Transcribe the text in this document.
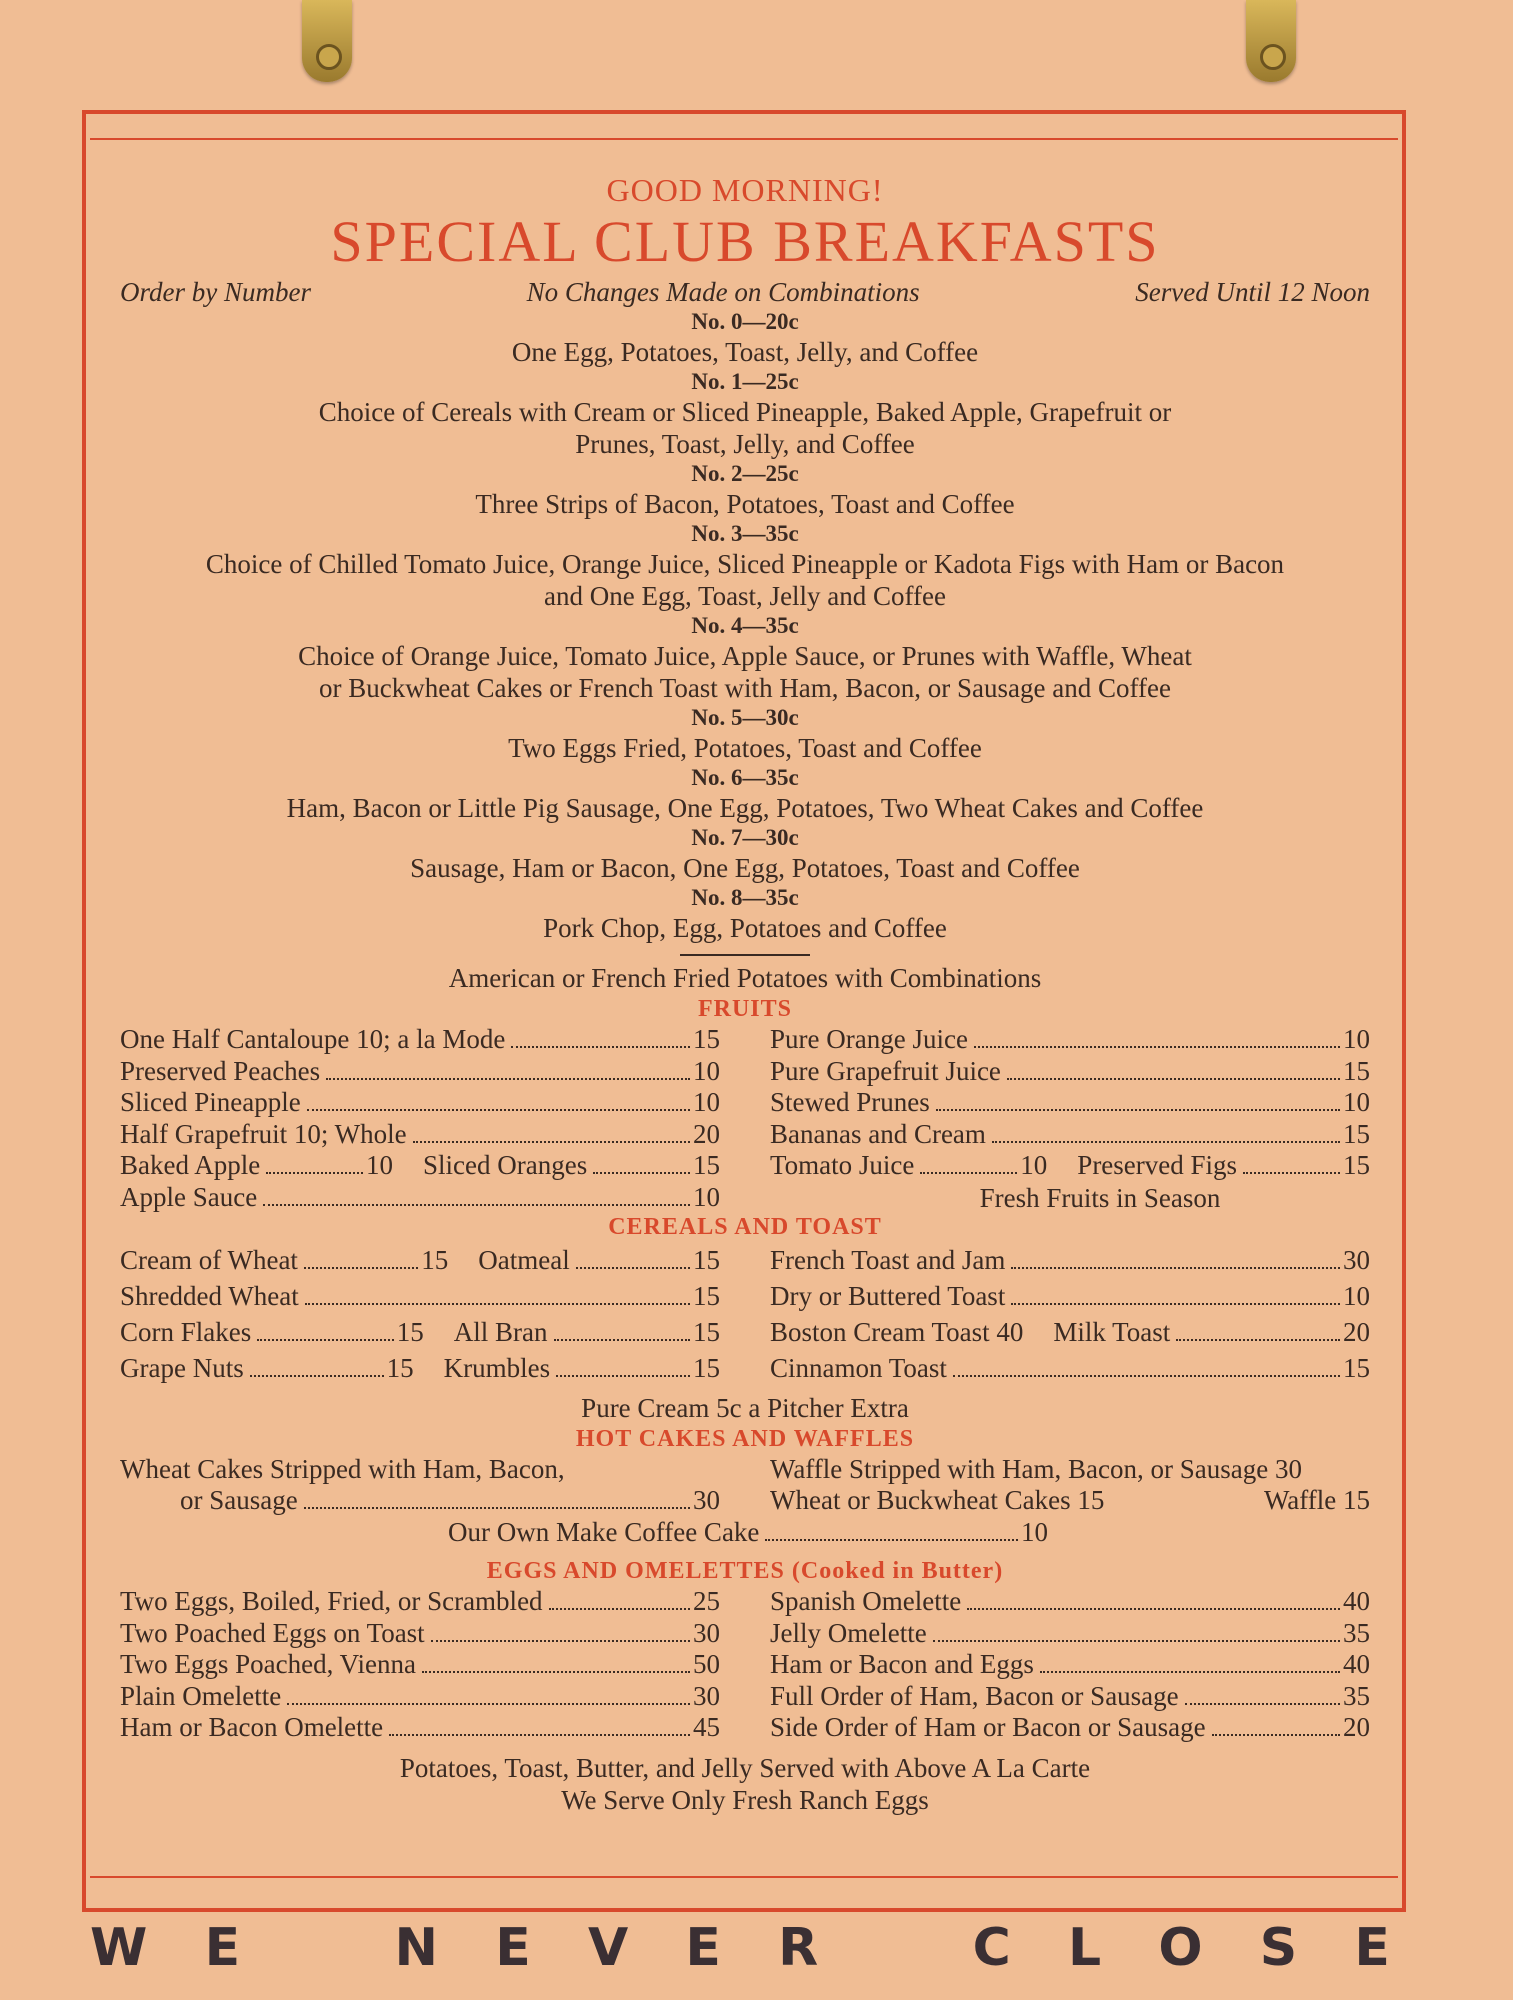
GOOD MORNING!
SPECIAL CLUB BREAKFASTS
Order by Number	No Changes Made on Combinations	Served Until 12 Noon
No. 0—20c
One Egg, Potatoes, Toast, Jelly, and Coffee
No. 1—25c
Choice of Cereals with Cream or Sliced Pineapple, Baked Apple, Grapefruit or
Prunes, Toast, Jelly, and Coffee
No. 2—25c
Three Strips of Bacon, Potatoes, Toast and Coffee
No. 3—35c
Choice of Chilled Tomato Juice, Orange Juice, Sliced Pineapple or Kadota Figs with Ham or Bacon
and One Egg, Toast, Jelly and Coffee
No. 4—35c
Choice of Orange Juice, Tomato Juice, Apple Sauce, or Prunes with Waffle, Wheat
or Buckwheat Cakes or French Toast with Ham, Bacon, or Sausage and Coffee
No. 5—30c
Two Eggs Fried, Potatoes, Toast and Coffee
No. 6—35c
Ham, Bacon or Little Pig Sausage, One Egg, Potatoes, Two Wheat Cakes and Coffee
No. 7—30c
Sausage, Ham or Bacon, One Egg, Potatoes, Toast and Coffee
No. 8—35c
Pork Chop, Egg, Potatoes and Coffee
American or French Fried Potatoes with Combinations
FRUITS
One Half Cantaloupe 10; a la Mode	15
Preserved Peaches	10
Sliced Pineapple	10
Half Grapefruit 10; Whole	20
Baked Apple	10 Sliced Oranges	15
Apple Sauce	10
Pure Orange Juice	10
Pure Grapefruit Juice	15
Stewed Prunes	10
Bananas and Cream	15
Tomato Juice	10 Preserved Figs	15
Fresh Fruits in Season
CEREALS AND TOAST
Cream of Wheat	15 Oatmeal	15
Shredded Wheat	15
Corn Flakes	15 All Bran	15
Grape Nuts	15 Krumbles	15
French Toast and Jam	30
Dry or Buttered Toast	10
Boston Cream Toast 40 Milk Toast	20
Cinnamon Toast	15
Pure Cream 5c a Pitcher Extra
HOT CAKES AND WAFFLES
Wheat Cakes Stripped with Ham, Bacon,
or Sausage	30
Waffle Stripped with Ham, Bacon, or Sausage 30
Wheat or Buckwheat Cakes 15	Waffle 15
Our Own Make Coffee Cake	10
EGGS AND OMELETTES (Cooked in Butter)
Two Eggs, Boiled, Fried, or Scrambled	25
Two Poached Eggs on Toast	30
Two Eggs Poached, Vienna	50
Plain Omelette	30
Ham or Bacon Omelette	45
Spanish Omelette	40
Jelly Omelette	35
Ham or Bacon and Eggs	40
Full Order of Ham, Bacon or Sausage	35
Side Order of Ham or Bacon or Sausage	20
Potatoes, Toast, Butter, and Jelly Served with Above A La Carte
We Serve Only Fresh Ranch Eggs
W E	N E V E R	C L O S E
